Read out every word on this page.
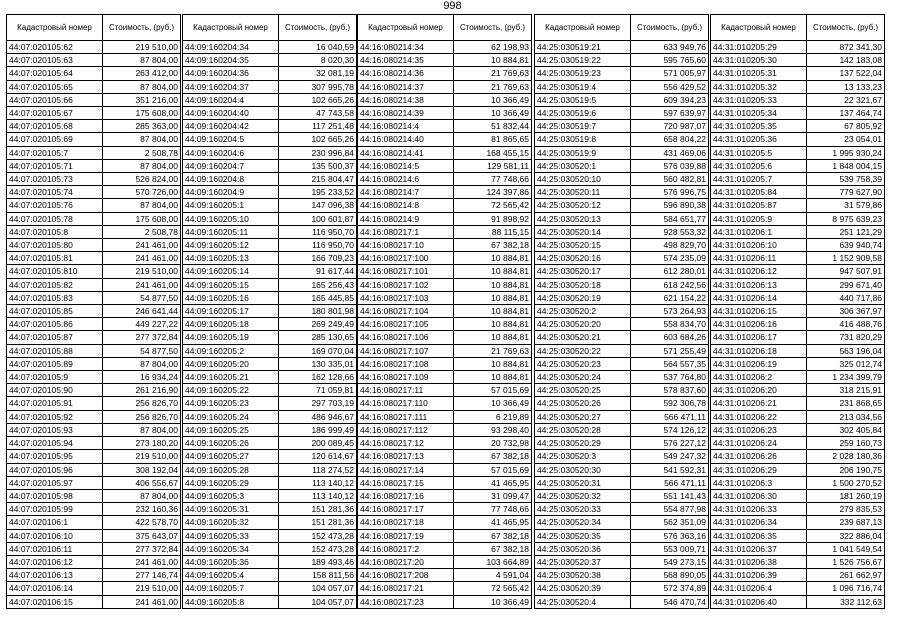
998
Кадастровый номер	Стоимость, (руб.)
44:07:020105:62	219 510,00
44:07:020105:63	87 804,00
44:07:020105:64	263 412,00
44:07:020105:65	87 804,00
44:07:020105:66	351 216,00
44:07:020105:67	175 608,00
44:07:020105:68	285 363,00
44:07:020105:69	87 804,00
44:07:020105:7	2 508,78
44:07:020105:71	87 804,00
44:07:020105:73	526 824,00
44:07:020105:74	570 726,00
44:07:020105:76	87 804,00
44:07:020105:78	175 608,00
44:07:020105:8	2 508,78
44:07:020105:80	241 461,00
44:07:020105:81	241 461,00
44:07:020105:810	219 510,00
44:07:020105:82	241 461,00
44:07:020105:83	54 877,50
44:07:020105:85	246 641,44
44:07:020105:86	449 227,22
44:07:020105:87	277 372,84
44:07:020105:88	54 877,50
44:07:020105:89	87 804,00
44:07:020105:9	16 934,24
44:07:020105:90	261 216,90
44:07:020105:91	256 826,70
44:07:020105:92	256 826,70
44:07:020105:93	87 804,00
44:07:020105:94	273 180,20
44:07:020105:95	219 510,00
44:07:020105:96	308 192,04
44:07:020105:97	406 556,67
44:07:020105:98	87 804,00
44:07:020105:99	232 160,36
44:07:020106:1	422 578,70
44:07:020106:10	375 643,07
44:07:020106:11	277 372,84
44:07:020106:12	241 461,00
44:07:020106:13	277 146,74
44:07:020106:14	219 510,00
44:07:020106:15	241 461,00
Кадастровый номер	Стоимость, (руб.)
44:09:160204:34	16 040,59
44:09:160204:35	8 020,30
44:09:160204:36	32 081,19
44:09:160204:37	307 995,78
44:09:160204:4	102 665,26
44:09:160204:40	47 743,58
44:09:160204:42	117 251,48
44:09:160204:5	102 665,26
44:09:160204:6	230 996,84
44:09:160204:7	135 500,37
44:09:160204:8	215 804,47
44:09:160204:9	195 233,52
44:09:160205:1	147 096,38
44:09:160205:10	100 601,87
44:09:160205:11	116 950,70
44:09:160205:12	116 950,70
44:09:160205:13	166 709,23
44:09:160205:14	91 617,44
44:09:160205:15	165 256,43
44:09:160205:16	165 445,85
44:09:160205:17	180 801,98
44:09:160205:18	269 249,49
44:09:160205:19	285 130,65
44:09:160205:2	169 070,04
44:09:160205:20	130 335,01
44:09:160205:21	162 128,66
44:09:160205:22	71 059,81
44:09:160205:23	297 703,19
44:09:160205:24	486 946,67
44:09:160205:25	186 999,49
44:09:160205:26	200 089,45
44:09:160205:27	120 614,67
44:09:160205:28	118 274,52
44:09:160205:29	113 140,12
44:09:160205:3	113 140,12
44:09:160205:31	151 281,36
44:09:160205:32	151 281,36
44:09:160205:33	152 473,28
44:09:160205:34	152 473,28
44:09:160205:36	189 493,46
44:09:160205:4	158 811,56
44:09:160205:7	104 057,07
44:09:160205:8	104 057,07
Кадастровый номер	Стоимость, (руб.)
44:16:080214:34	62 198,93
44:16:080214:35	10 884,81
44:16:080214:36	21 769,63
44:16:080214:37	21 769,63
44:16:080214:38	10 366,49
44:16:080214:39	10 366,49
44:16:080214:4	51 832,44
44:16:080214:40	81 865,65
44:16:080214:41	168 455,15
44:16:080214:5	129 581,11
44:16:080214:6	77 748,66
44:16:080214:7	124 397,86
44:16:080214:8	72 565,42
44:16:080214:9	91 898,92
44:16:080217:1	88 115,15
44:16:080217:10	67 382,18
44:16:080217:100	10 884,81
44:16:080217:101	10 884,81
44:16:080217:102	10 884,81
44:16:080217:103	10 884,81
44:16:080217:104	10 884,81
44:16:080217:105	10 884,81
44:16:080217:106	10 884,81
44:16:080217:107	21 769,63
44:16:080217:108	10 884,81
44:16:080217:109	10 884,81
44:16:080217:11	57 015,69
44:16:080217:110	10 366,49
44:16:080217:111	6 219,89
44:16:080217:112	93 298,40
44:16:080217:12	20 732,98
44:16:080217:13	67 382,18
44:16:080217:14	57 015,69
44:16:080217:15	41 465,95
44:16:080217:16	31 099,47
44:16:080217:17	77 748,66
44:16:080217:18	41 465,95
44:16:080217:19	67 382,18
44:16:080217:2	67 382,18
44:16:080217:20	103 664,89
44:16:080217:208	4 591,04
44:16:080217:21	72 565,42
44:16:080217:23	10 366,49
Кадастровый номер	Стоимость, (руб.)
44:25:030519:21	633 949,76
44:25:030519:22	595 765,60
44:25:030519:23	571 005,97
44:25:030519:4	556 429,52
44:25:030519:5	609 394,23
44:25:030519:6	597 639,97
44:25:030519:7	720 987,07
44:25:030519:8	658 804,22
44:25:030519:9	431 469,06
44:25:030520:1	576 039,88
44:25:030520:10	560 482,81
44:25:030520:11	576 996,75
44:25:030520:12	596 890,38
44:25:030520:13	584 651,77
44:25:030520:14	928 553,32
44:25:030520:15	498 829,70
44:25:030520:16	574 235,09
44:25:030520:17	612 280,01
44:25:030520:18	618 242,56
44:25:030520:19	621 154,22
44:25:030520:2	573 264,93
44:25:030520:20	558 834,70
44:25:030520:21	603 684,26
44:25:030520:22	571 255,49
44:25:030520:23	564 557,35
44:25:030520:24	537 764,80
44:25:030520:25	578 837,60
44:25:030520:26	592 306,78
44:25:030520:27	566 471,11
44:25:030520:28	574 126,12
44:25:030520:29	576 227,12
44:25:030520:3	549 247,32
44:25:030520:30	541 592,31
44:25:030520:31	566 471,11
44:25:030520:32	551 141,43
44:25:030520:33	554 877,98
44:25:030520:34	562 351,09
44:25:030520:35	576 363,16
44:25:030520:36	553 009,71
44:25:030520:37	549 273,15
44:25:030520:38	568 890,05
44:25:030520:39	572 374,89
44:25:030520:4	546 470,74
Кадастровый номер	Стоимость, (руб.)
44:31:010205:29	872 341,30
44:31:010205:30	142 183,08
44:31:010205:31	137 522,04
44:31:010205:32	13 133,23
44:31:010205:33	22 321,67
44:31:010205:34	137 464,74
44:31:010205:35	67 805,92
44:31:010205:36	23 054,01
44:31:010205:5	1 995 930,24
44:31:010205:6	1 848 004,15
44:31:010205:7	539 758,39
44:31:010205:84	779 627,90
44:31:010205:87	31 579,86
44:31:010205:9	8 975 639,23
44:31:010206:1	251 121,29
44:31:010206:10	639 940,74
44:31:010206:11	1 152 909,58
44:31:010206:12	947 507,91
44:31:010206:13	299 671,40
44:31:010206:14	440 717,86
44:31:010206:15	306 367,97
44:31:010206:16	416 488,76
44:31:010206:17	731 820,29
44:31:010206:18	563 196,04
44:31:010206:19	325 012,74
44:31:010206:2	1 234 399,79
44:31:010206:20	318 215,91
44:31:010206:21	231 868,65
44:31:010206:22	213 034,56
44:31:010206:23	302 405,84
44:31:010206:24	259 160,73
44:31:010206:26	2 028 180,36
44:31:010206:29	206 190,75
44:31:010206:3	1 500 270,52
44:31:010206:30	181 260,19
44:31:010206:33	279 835,53
44:31:010206:34	239 687,13
44:31:010206:35	322 886,04
44:31:010206:37	1 041 549,54
44:31:010206:38	1 526 756,67
44:31:010206:39	261 662,97
44:31:010206:4	1 096 716,74
44:31:010206:40	332 112,63
